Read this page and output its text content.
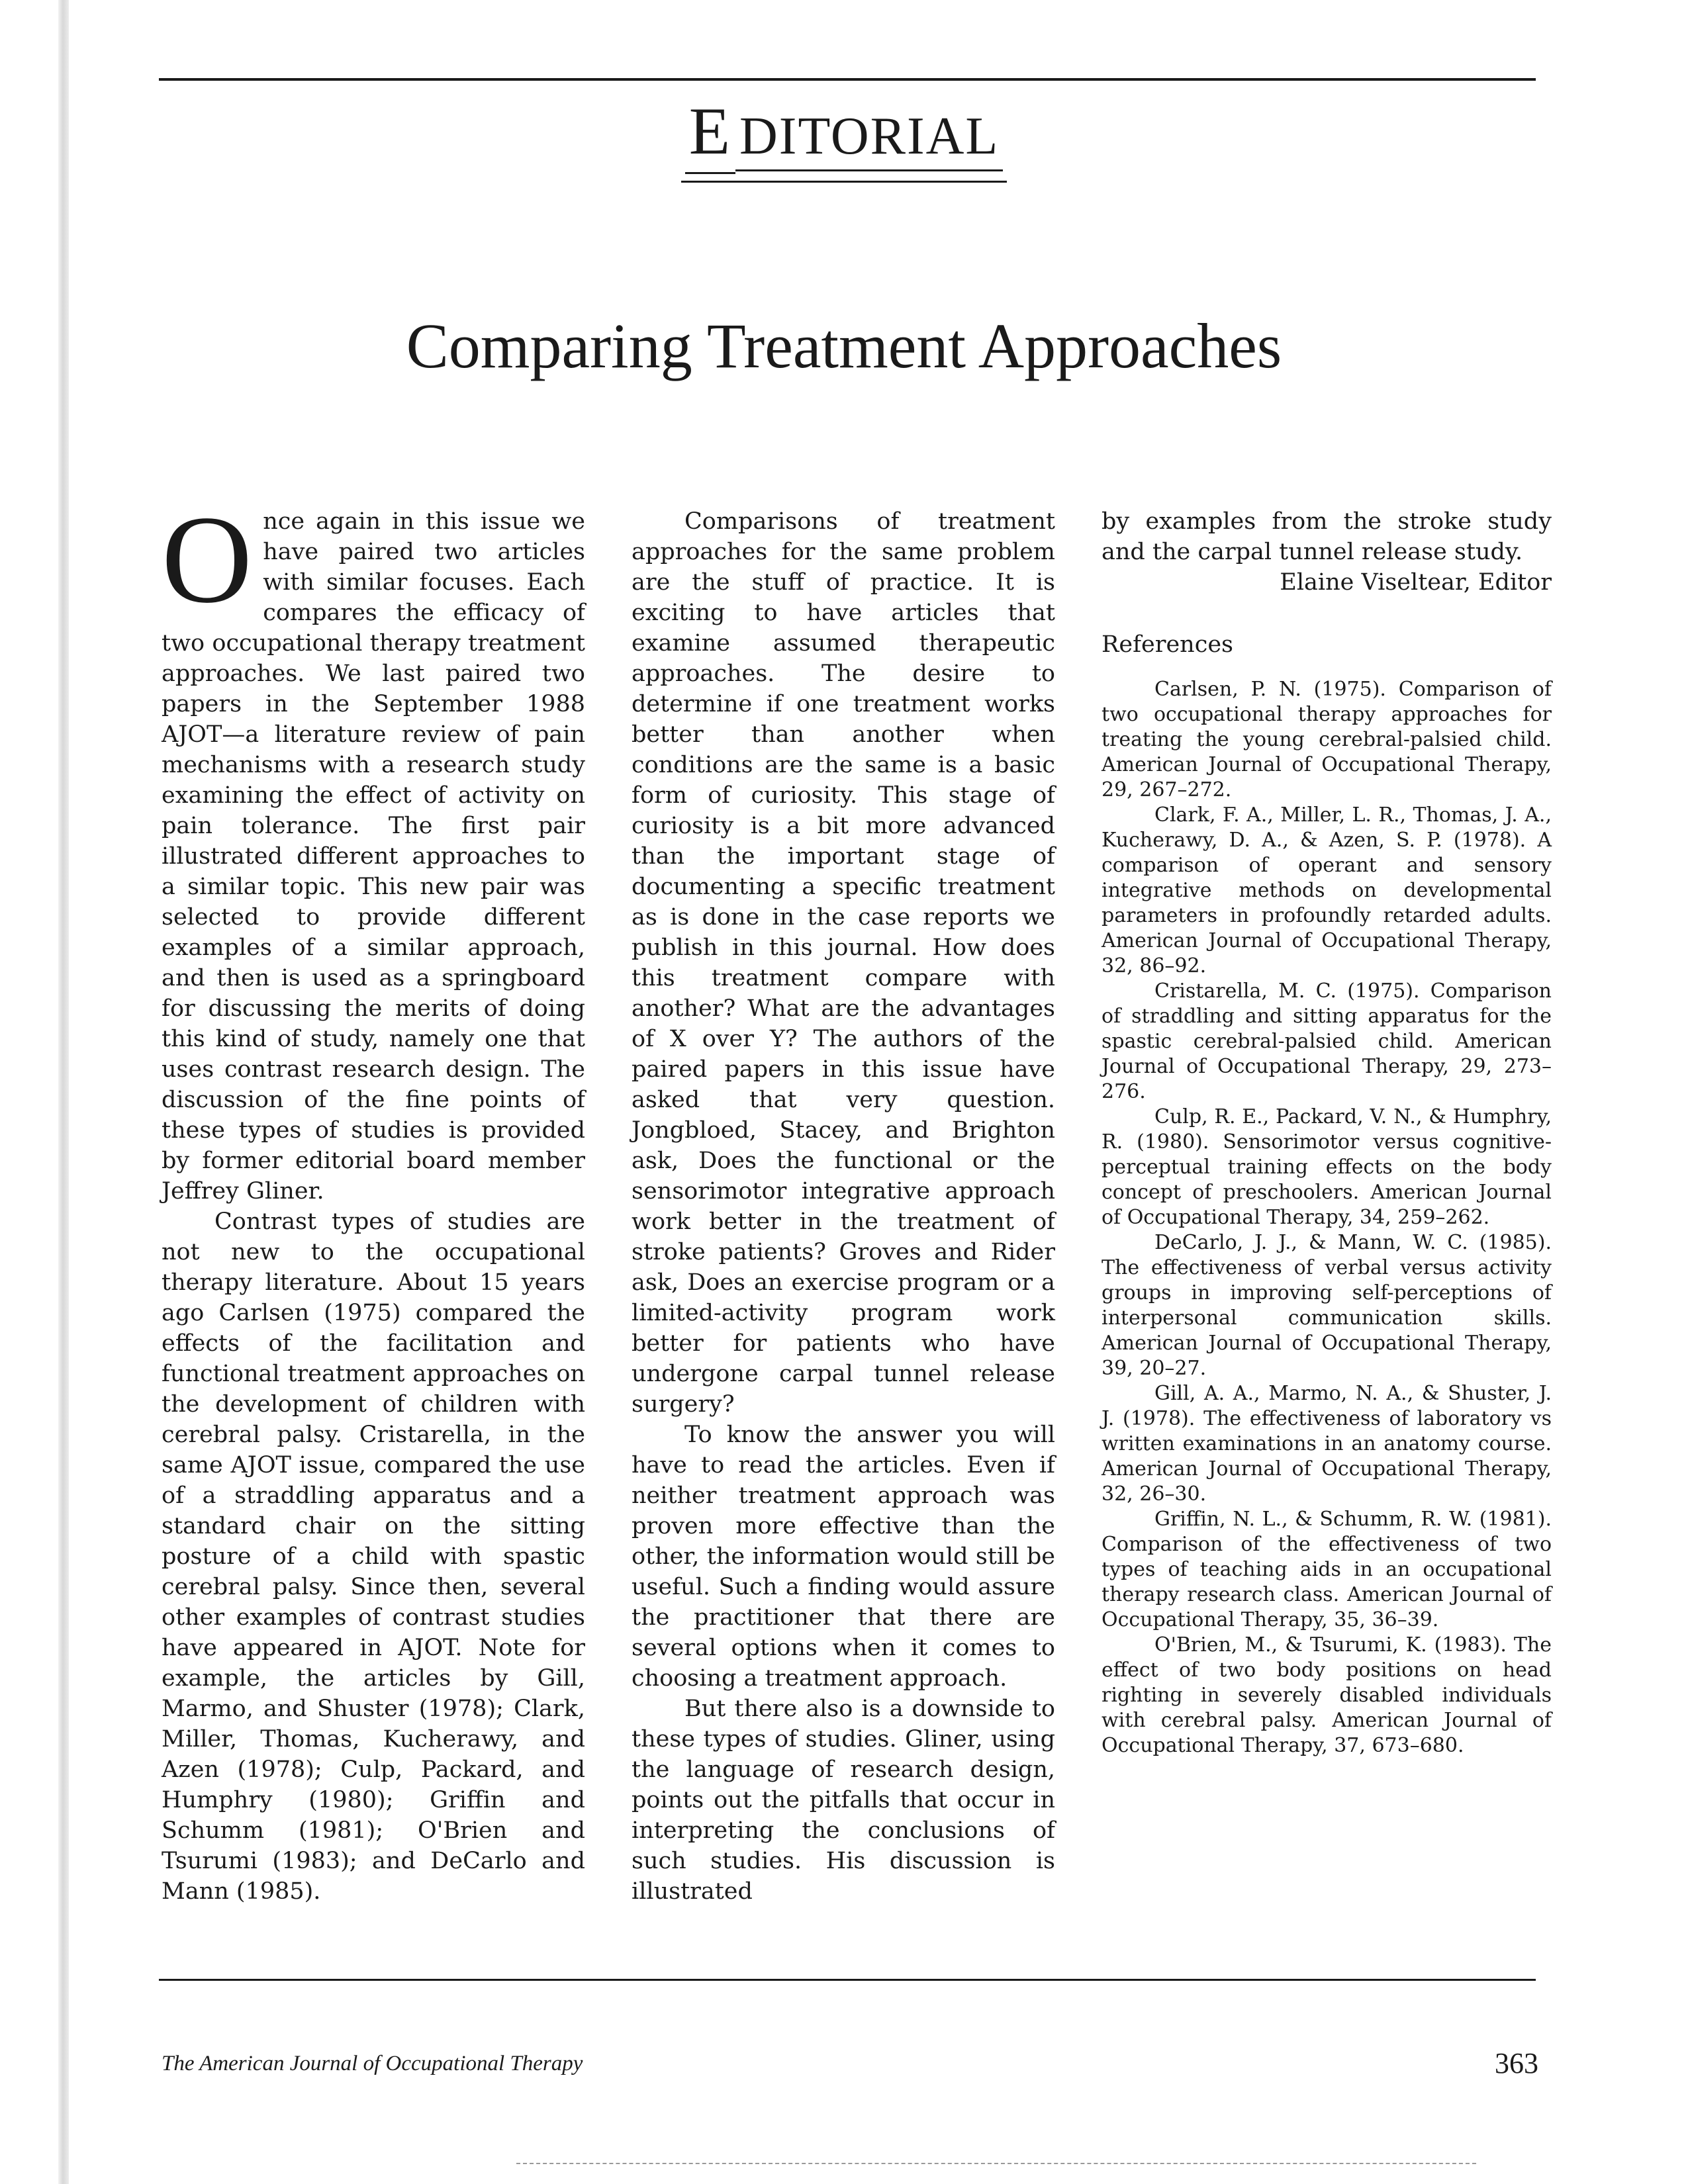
E DITORIAL
Comparing Treatment Approaches

Once again in this issue we have paired two articles with similar focuses. Each compares the efficacy of two occupational therapy treatment approaches. We last paired two papers in the September 1988 AJOT—a literature review of pain mechanisms with a research study examining the effect of activity on pain tolerance. The first pair illustrated different approaches to a similar topic. This new pair was selected to provide different examples of a similar approach, and then is used as a springboard for discussing the merits of doing this kind of study, namely one that uses contrast research design. The discussion of the fine points of these types of studies is provided by former editorial board member Jeffrey Gliner.

Contrast types of studies are not new to the occupational therapy literature. About 15 years ago Carlsen (1975) compared the effects of the facilitation and functional treatment approaches on the development of children with cerebral palsy. Cristarella, in the same AJOT issue, compared the use of a straddling apparatus and a standard chair on the sitting posture of a child with spastic cerebral palsy. Since then, several other examples of contrast studies have appeared in AJOT. Note for example, the articles by Gill, Marmo, and Shuster (1978); Clark, Miller, Thomas, Kucherawy, and Azen (1978); Culp, Packard, and Humphry (1980); Griffin and Schumm (1981); O'Brien and Tsurumi (1983); and DeCarlo and Mann (1985).

Comparisons of treatment approaches for the same problem are the stuff of practice. It is exciting to have articles that examine assumed therapeutic approaches. The desire to determine if one treatment works better than another when conditions are the same is a basic form of curiosity. This stage of curiosity is a bit more advanced than the important stage of documenting a specific treatment as is done in the case reports we publish in this journal. How does this treatment compare with another? What are the advantages of X over Y? The authors of the paired papers in this issue have asked that very question. Jongbloed, Stacey, and Brighton ask, Does the functional or the sensorimotor integrative approach work better in the treatment of stroke patients? Groves and Rider ask, Does an exercise program or a limited-activity program work better for patients who have undergone carpal tunnel release surgery?

To know the answer you will have to read the articles. Even if neither treatment approach was proven more effective than the other, the information would still be useful. Such a finding would assure the practitioner that there are several options when it comes to choosing a treatment approach.

But there also is a downside to these types of studies. Gliner, using the language of research design, points out the pitfalls that occur in interpreting the conclusions of such studies. His discussion is illustrated

by examples from the stroke study and the carpal tunnel release study.

Elaine Viseltear, Editor
References

Carlsen, P. N. (1975). Comparison of two occupational therapy approaches for treating the young cerebral-palsied child. American Journal of Occupational Therapy, 29, 267–272.

Clark, F. A., Miller, L. R., Thomas, J. A., Kucherawy, D. A., & Azen, S. P. (1978). A comparison of operant and sensory integrative methods on developmental parameters in profoundly retarded adults. American Journal of Occupational Therapy, 32, 86–92.

Cristarella, M. C. (1975). Comparison of straddling and sitting apparatus for the spastic cerebral-palsied child. American Journal of Occupational Therapy, 29, 273–276.

Culp, R. E., Packard, V. N., & Humphry, R. (1980). Sensorimotor versus cognitive-perceptual training effects on the body concept of preschoolers. American Journal of Occupational Therapy, 34, 259–262.

DeCarlo, J. J., & Mann, W. C. (1985). The effectiveness of verbal versus activity groups in improving self-perceptions of interpersonal communication skills. American Journal of Occupational Therapy, 39, 20–27.

Gill, A. A., Marmo, N. A., & Shuster, J. J. (1978). The effectiveness of laboratory vs written examinations in an anatomy course. American Journal of Occupational Therapy, 32, 26–30.

Griffin, N. L., & Schumm, R. W. (1981). Comparison of the effectiveness of two types of teaching aids in an occupational therapy research class. American Journal of Occupational Therapy, 35, 36–39.

O'Brien, M., & Tsurumi, K. (1983). The effect of two body positions on head righting in severely disabled individuals with cerebral palsy. American Journal of Occupational Therapy, 37, 673–680.

The American Journal of Occupational Therapy	363
